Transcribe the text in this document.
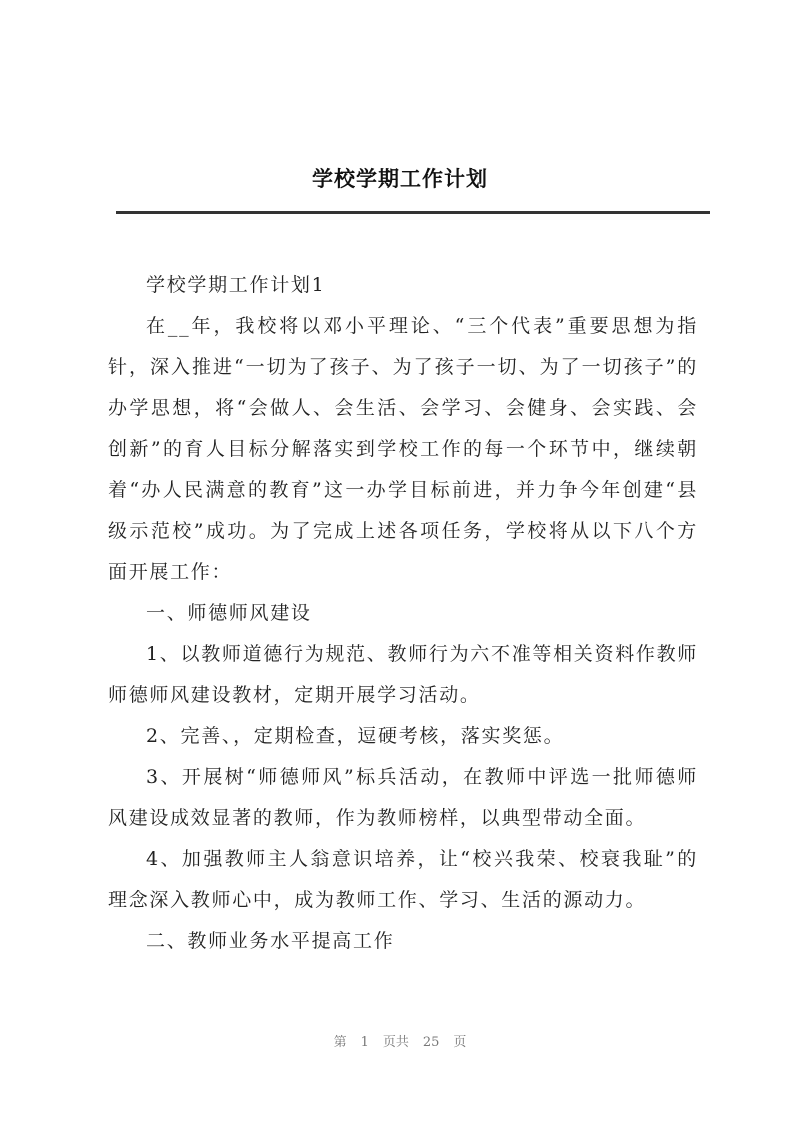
学校学期工作计划

学校学期工作计划1

在__年，我校将以邓小平理论、“三个代表”重要思想为指针，深入推进“一切为了孩子、为了孩子一切、为了一切孩子”的办学思想，将“会做人、会生活、会学习、会健身、会实践、会创新”的育人目标分解落实到学校工作的每一个环节中，继续朝着“办人民满意的教育”这一办学目标前进，并力争今年创建“县级示范校”成功。为了完成上述各项任务，学校将从以下八个方面开展工作：

一、师德师风建设

1、以教师道德行为规范、教师行为六不准等相关资料作教师师德师风建设教材，定期开展学习活动。

2、完善、，定期检查，逗硬考核，落实奖惩。

3、开展树“师德师风”标兵活动，在教师中评选一批师德师风建设成效显著的教师，作为教师榜样，以典型带动全面。

4、加强教师主人翁意识培养，让“校兴我荣、校衰我耻”的理念深入教师心中，成为教师工作、学习、生活的源动力。

二、教师业务水平提高工作

第 1 页共 25 页
